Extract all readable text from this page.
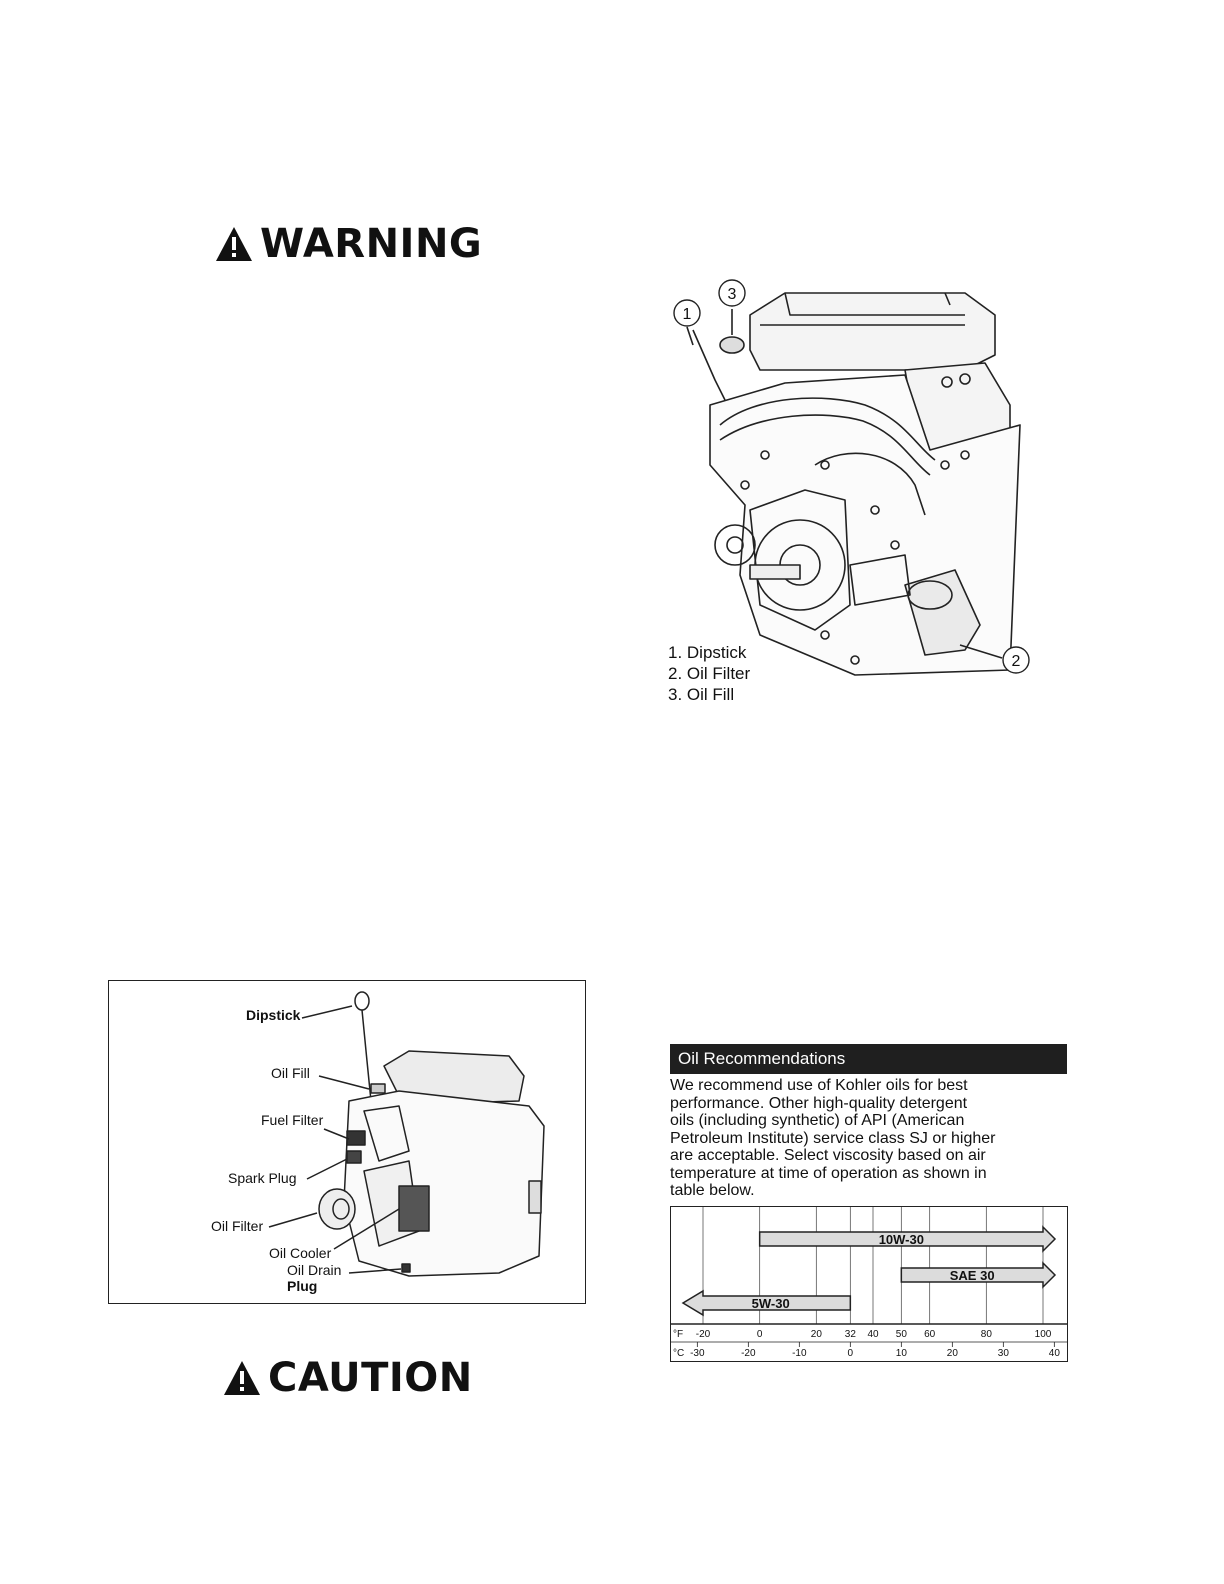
WARNING
1
3
2
1. Dipstick
2. Oil Filter
3. Oil Fill
Dipstick
Oil Fill
Fuel Filter
Spark Plug
Oil Filter
Oil Cooler
Oil Drain
Plug
CAUTION
Oil Recommendations
We recommend use of Kohler oils for best
performance. Other high-quality detergent
oils (including synthetic) of API (American
Petroleum Institute) service class SJ or higher
are acceptable. Select viscosity based on air
temperature at time of operation as shown in
table below.
10W-30
SAE 30
5W-30
°F -20	0	20 32 40 50 60	80	100
°C -30	-20	-10	0	10	20	30	40
